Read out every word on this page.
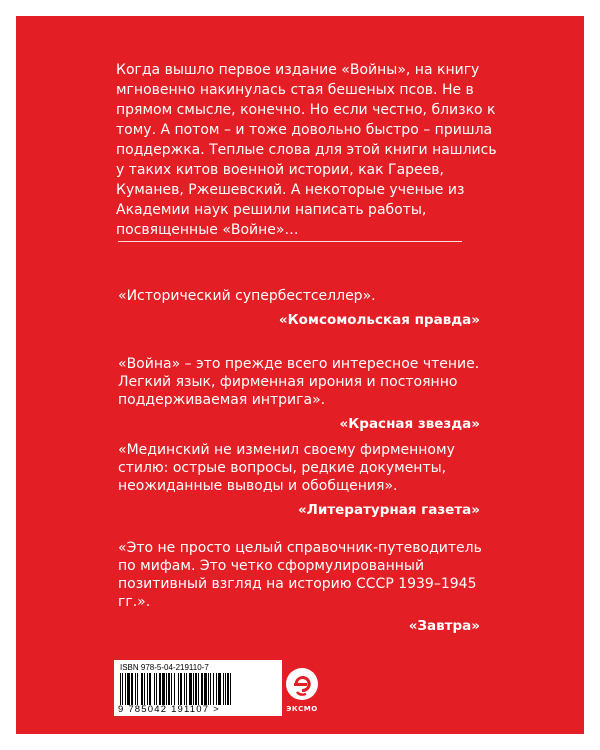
Когда вышло первое издание «Войны», на книгу мгновенно накинулась стая бешеных псов. Не в прямом смысле, конечно. Но если честно, близко к тому. А потом – и тоже довольно быстро – пришла поддержка. Теплые слова для этой книги нашлись у таких китов военной истории, как Гареев, Куманев, Ржешевский. А некоторые ученые из Академии наук решили написать работы, посвященные «Войне»…

«Исторический супербестселлер».

«Комсомольская правда»

«Война» – это прежде всего интересное чтение. Легкий язык, фирменная ирония и постоянно поддерживаемая интрига».

«Красная звезда»

«Мединский не изменил своему фирменному стилю: острые вопросы, редкие документы, неожиданные выводы и обобщения».

«Литературная газета»

«Это не просто целый справочник-путеводитель по мифам. Это четко сформулированный позитивный взгляд на историю СССР 1939–1945 гг.».

«Завтра»

ISBN 978-5-04-219110-7
9 785042 191107 >	ЭКСМО
